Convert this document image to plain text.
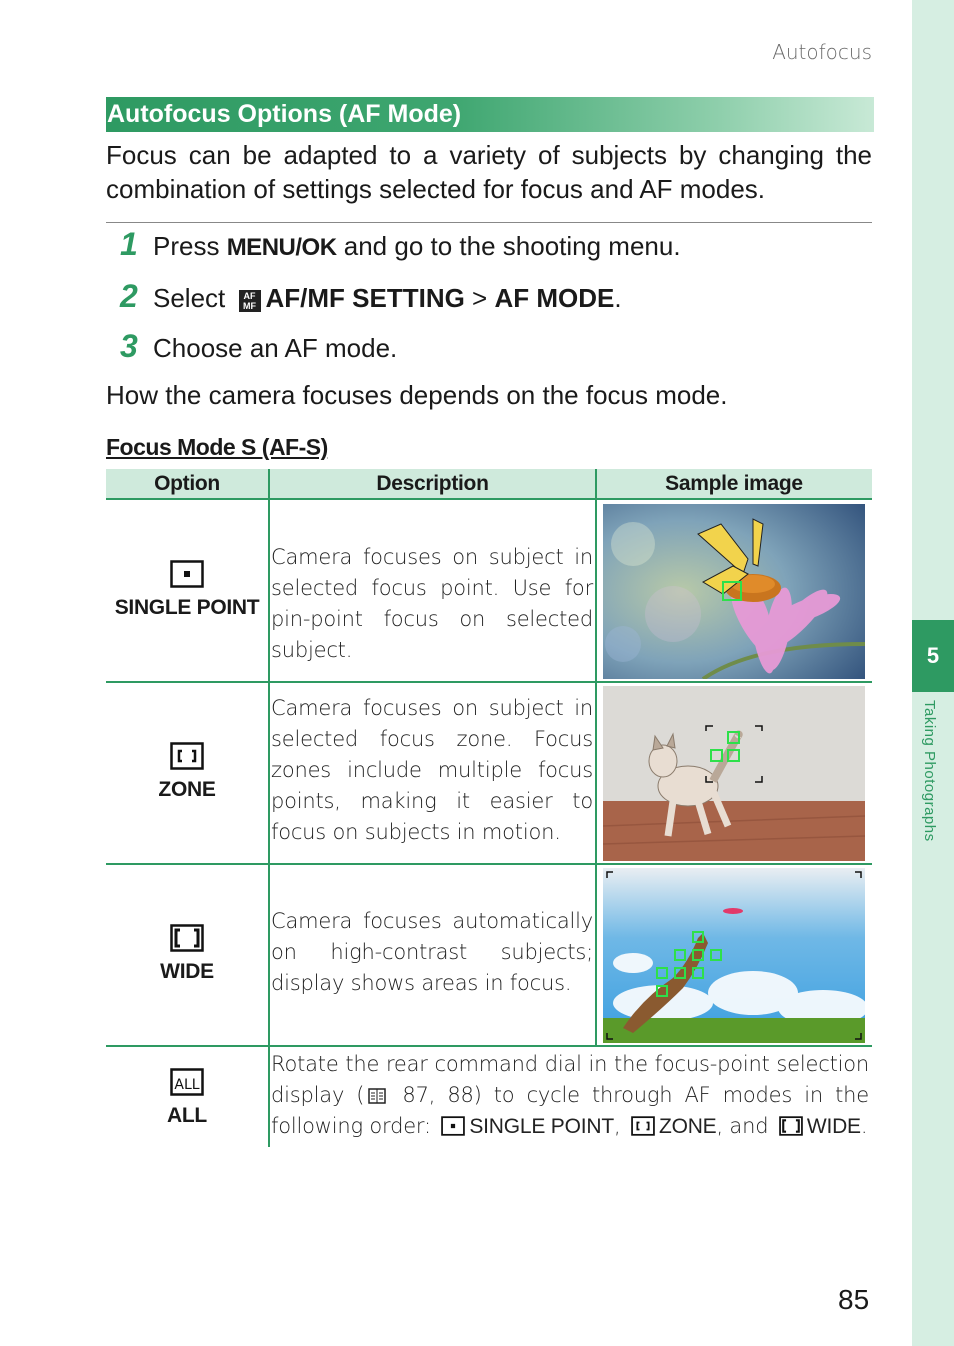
5
Taking Photographs
Autofocus
Autofocus Options (AF Mode)
Focus can be adapted to a variety of subjects by changing the combination of settings selected for focus and AF modes.
1 Press MENU/OK and go to the shooting menu.
2 Select AF
MF AF/MF SETTING > AF MODE.
3 Choose an AF mode.
How the camera focuses depends on the focus mode.
Focus Mode S (AF-S)
Option	Description	Sample image
SINGLE POINT
Camera focuses on subject in selected focus point. Use for pin-point focus on selected subject.
ZONE
Camera focuses on subject in selected focus zone. Focus zones include multiple focus points, making it easier to focus on subjects in motion.
WIDE
Camera focuses automatically on high-contrast subjects; display shows areas in focus.
ALL
ALL
Rotate the rear command dial in the focus-point selection display ( 87, 88) to cycle through AF modes in the following order: SINGLE POINT, ZONE, and WIDE.
85
